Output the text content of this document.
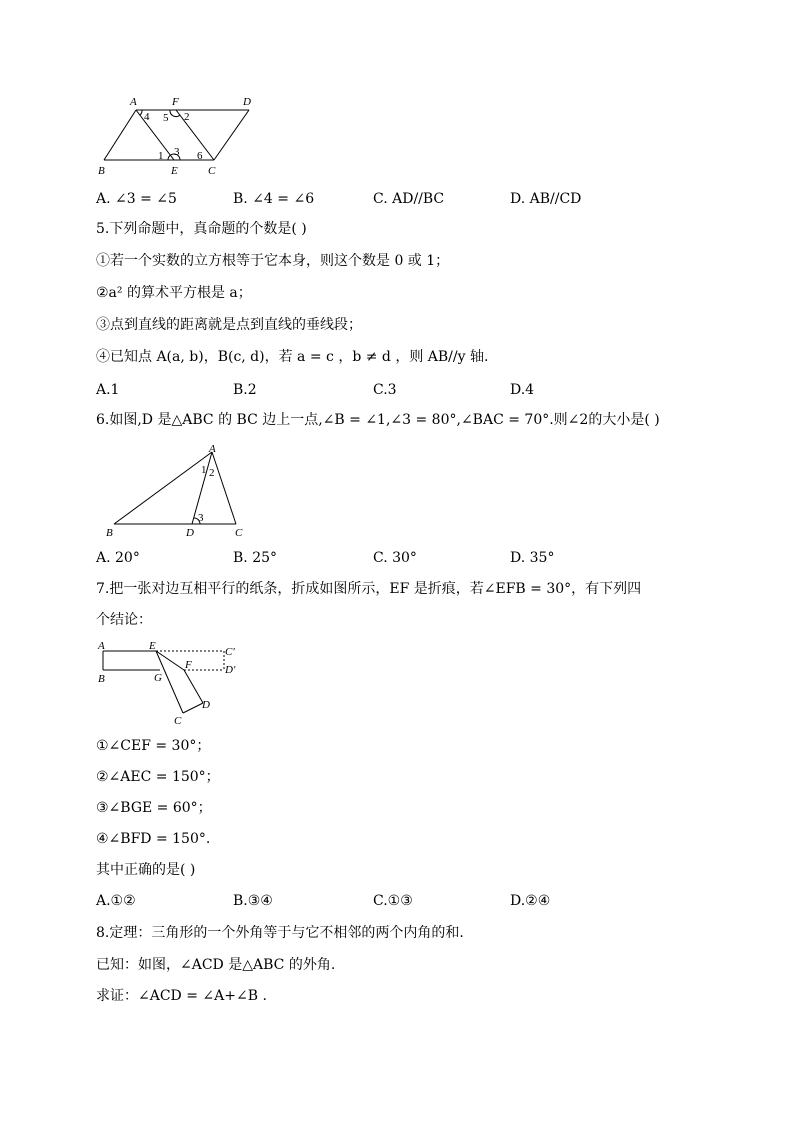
A	F	D
B	E	C
4 5 2
1 3 6
A. ∠3 = ∠5	B. ∠4 = ∠6	C. AD//BC	D. AB//CD
5.下列命题中，真命题的个数是( )
①若一个实数的立方根等于它本身，则这个数是 0 或 1；
②a² 的算术平方根是 a；
③点到直线的距离就是点到直线的垂线段；
④已知点 A(a, b)，B(c, d)，若 a = c ，b ≠ d ，则 AB//y 轴.
A.1	B.2	C.3	D.4
6.如图,D 是△ABC 的 BC 边上一点,∠B = ∠1,∠3 = 80°,∠BAC = 70°.则∠2的大小是( )
A
B	D	C
1 2
3
A. 20°	B. 25°	C. 30°	D. 35°
7.把一张对边互相平行的纸条，折成如图所示，EF 是折痕，若∠EFB = 30°，有下列四
个结论：
A	E	C′
F	D′
B	G
D
C
①∠CEF = 30°；
②∠AEC = 150°；
③∠BGE = 60°；
④∠BFD = 150°.
其中正确的是( )
A.①②	B.③④	C.①③	D.②④
8.定理：三角形的一个外角等于与它不相邻的两个内角的和.
已知：如图，∠ACD 是△ABC 的外角.
求证：∠ACD = ∠A+∠B .
